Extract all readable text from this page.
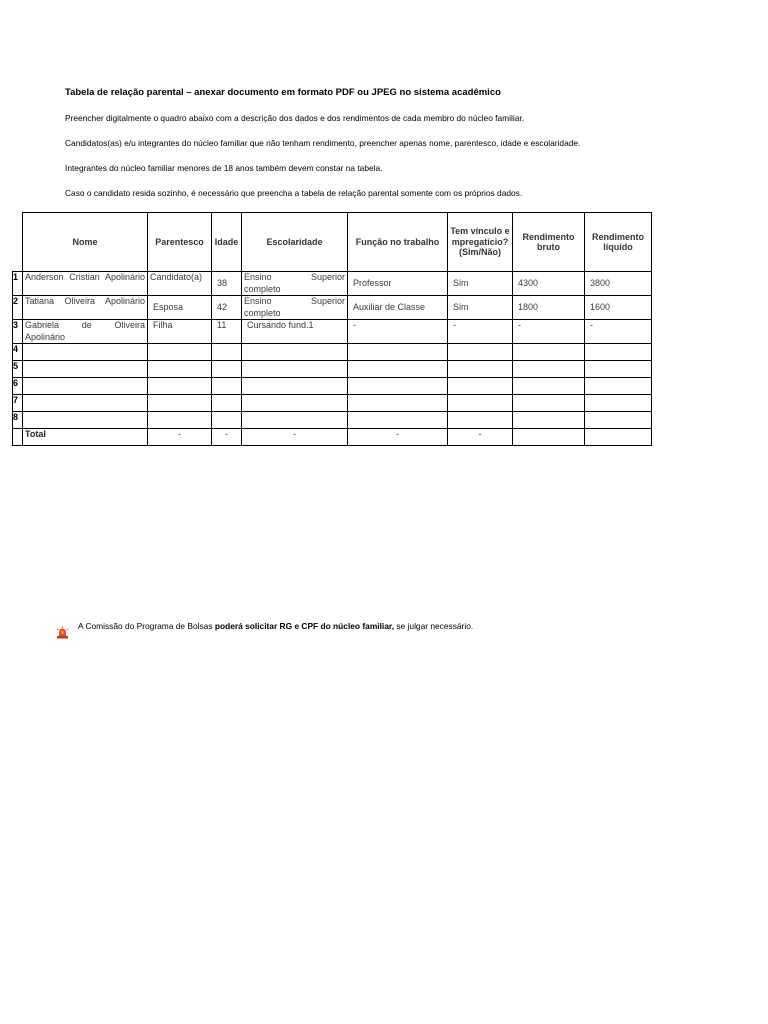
Tabela de relação parental – anexar documento em formato PDF ou JPEG no sistema acadêmico
Preencher digitalmente o quadro abaixo com a descrição dos dados e dos rendimentos de cada membro do núcleo familiar.
Candidatos(as) e/u integrantes do núcleo familiar que não tenham rendimento, preencher apenas nome, parentesco, idade e escolaridade.
Integrantes do núcleo familiar menores de 18 anos também devem constar na tabela.
Caso o candidato resida sozinho, é necessário que preencha a tabela de relação parental somente com os próprios dados.
	Nome	Parentesco	Idade	Escolaridade	Função no trabalho	Tem vínculo empregatício? (Sim/Não)	Rendimento bruto	Rendimento líquido
1	Anderson Cristian Apolinário	Candidato(a)	38	Ensino Superior completo	Professor	Sim	4300	3800
2	Tatiana Oliveira Apolinário	Esposa	42	Ensino Superior completo	Auxiliar de Classe	Sim	1800	1600
3	Gabriela de Oliveira Apolinário	Filha	11	Cursando fund.1	-	-	-	-
4								
5								
6								
7								
8								
	Total	-	-	-	-	-		
A Comissão do Programa de Bolsas poderá solicitar RG e CPF do núcleo familiar, se julgar necessário.
